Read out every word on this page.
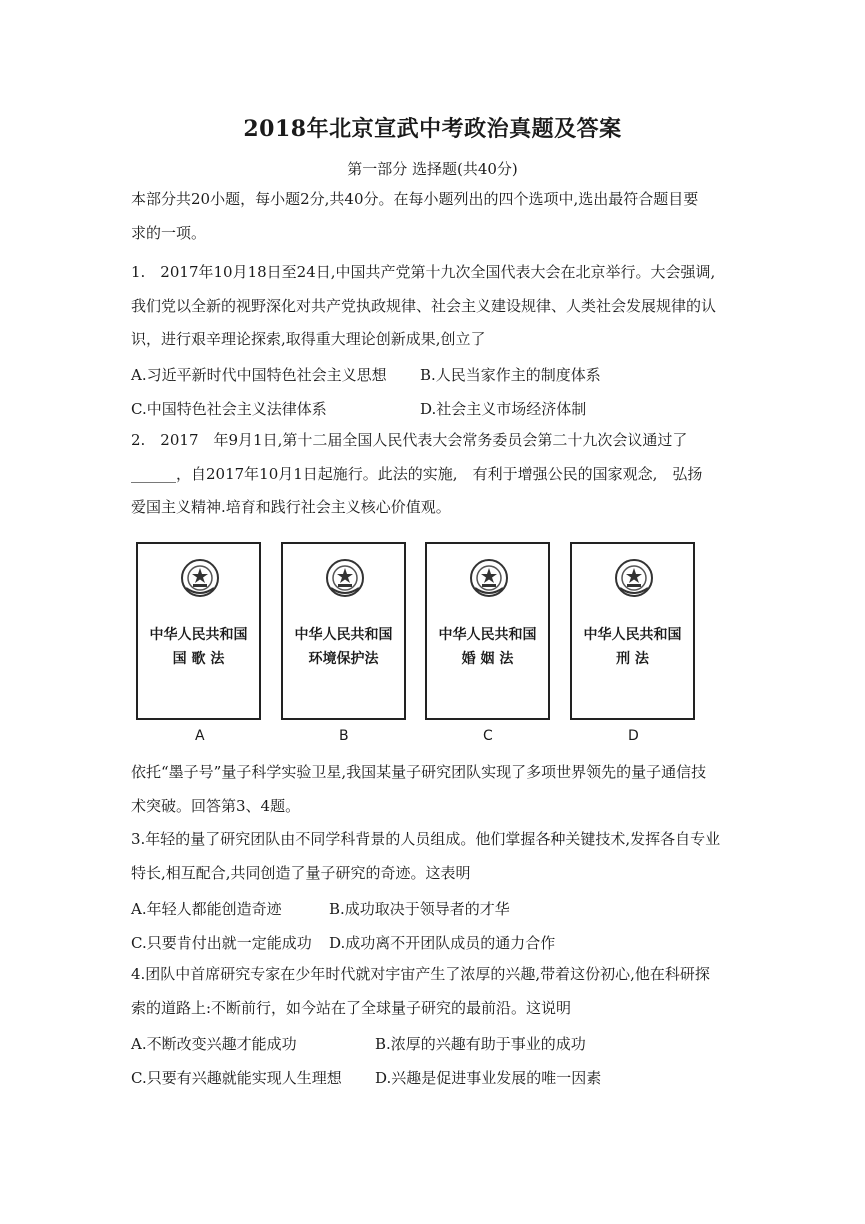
2018年北京宣武中考政治真题及答案
第一部分 选择题(共40分)
本部分共20小题，每小题2分,共40分。在每小题列出的四个选项中,选出最符合题目要
求的一项。
1.　2017年10月18日至24日,中国共产党第十九次全国代表大会在北京举行。大会强调,
我们党以全新的视野深化对共产党执政规律、社会主义建设规律、人类社会发展规律的认
识，进行艰辛理论探索,取得重大理论创新成果,创立了
A.习近平新时代中国特色社会主义思想 B.人民当家作主的制度体系
C.中国特色社会主义法律体系	D.社会主义市场经济体制
2.　2017　年9月1日,第十二届全国人民代表大会常务委员会第二十九次会议通过了
______，自2017年10月1日起施行。此法的实施,　有利于增强公民的国家观念,　弘扬
爱国主义精神.培育和践行社会主义核心价值观。
中华人民共和国
国 歌 法
中华人民共和国
环境保护法
中华人民共和国
婚 姻 法
中华人民共和国
刑 法
A	B	C	D
依托“墨子号”量子科学实验卫星,我国某量子研究团队实现了多项世界领先的量子通信技
术突破。回答第3、4题。
3.年轻的量了研究团队由不同学科背景的人员组成。他们掌握各种关键技术,发挥各自专业
特长,相互配合,共同创造了量子研究的奇迹。这表明
A.年轻人都能创造奇迹	B.成功取决于领导者的才华
C.只要肯付出就一定能成功 D.成功离不开团队成员的通力合作
4.团队中首席研究专家在少年时代就对宇宙产生了浓厚的兴趣,带着这份初心,他在科研探
索的道路上:不断前行，如今站在了全球量子研究的最前沿。这说明
A.不断改变兴趣才能成功	B.浓厚的兴趣有助于事业的成功
C.只要有兴趣就能实现人生理想 D.兴趣是促进事业发展的唯一因素
